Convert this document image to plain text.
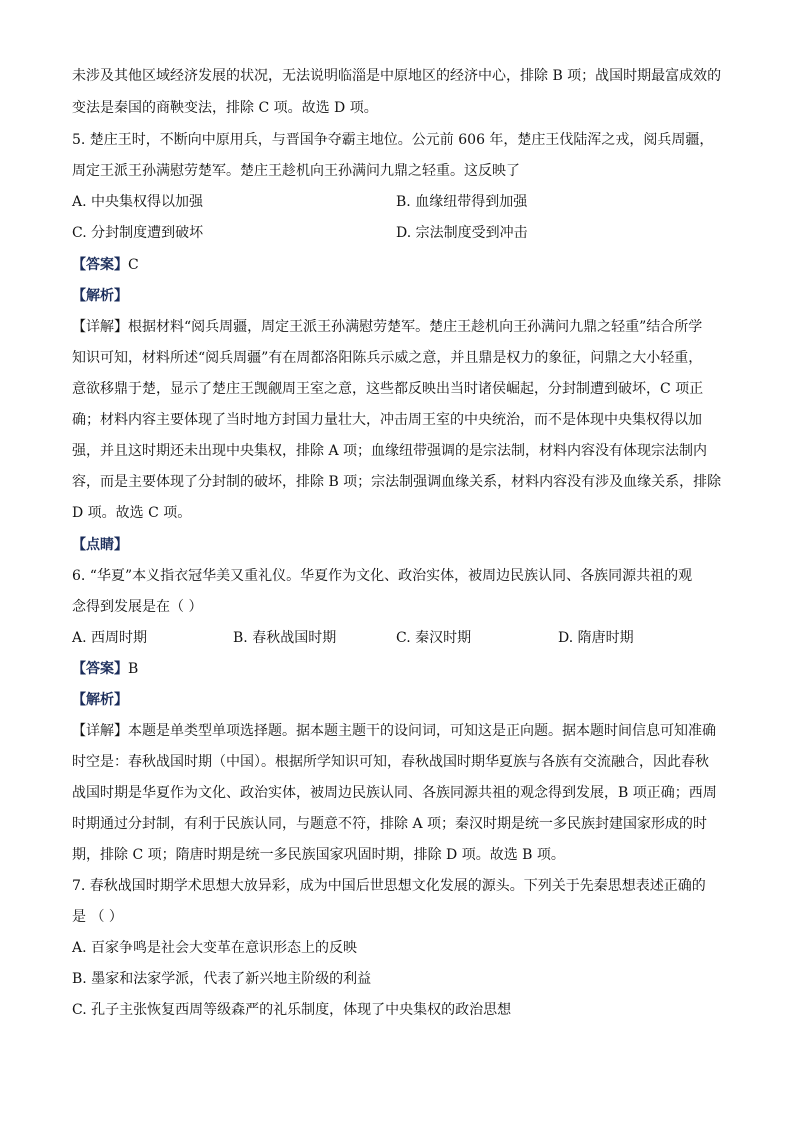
未涉及其他区域经济发展的状况，无法说明临淄是中原地区的经济中心，排除 B 项；战国时期最富成效的
变法是秦国的商鞅变法，排除 C 项。故选 D 项。
5. 楚庄王时，不断向中原用兵，与晋国争夺霸主地位。公元前 606 年，楚庄王伐陆浑之戎，阅兵周疆，
周定王派王孙满慰劳楚军。楚庄王趁机向王孙满问九鼎之轻重。这反映了
A. 中央集权得以加强	B. 血缘纽带得到加强
C. 分封制度遭到破坏	D. 宗法制度受到冲击
【答案】C
【解析】
【详解】根据材料“阅兵周疆，周定王派王孙满慰劳楚军。楚庄王趁机向王孙满问九鼎之轻重”结合所学
知识可知，材料所述“阅兵周疆”有在周都洛阳陈兵示威之意，并且鼎是权力的象征，问鼎之大小轻重，
意欲移鼎于楚，显示了楚庄王觊觎周王室之意，这些都反映出当时诸侯崛起，分封制遭到破坏，C 项正
确；材料内容主要体现了当时地方封国力量壮大，冲击周王室的中央统治，而不是体现中央集权得以加
强，并且这时期还未出现中央集权，排除 A 项；血缘纽带强调的是宗法制，材料内容没有体现宗法制内
容，而是主要体现了分封制的破坏，排除 B 项；宗法制强调血缘关系，材料内容没有涉及血缘关系，排除
D 项。故选 C 项。
【点睛】
6. “华夏”本义指衣冠华美又重礼仪。华夏作为文化、政治实体，被周边民族认同、各族同源共祖的观
念得到发展是在（ ）
A. 西周时期	B. 春秋战国时期	C. 秦汉时期	D. 隋唐时期
【答案】B
【解析】
【详解】本题是单类型单项选择题。据本题主题干的设问词，可知这是正向题。据本题时间信息可知准确
时空是：春秋战国时期（中国）。根据所学知识可知，春秋战国时期华夏族与各族有交流融合，因此春秋
战国时期是华夏作为文化、政治实体，被周边民族认同、各族同源共祖的观念得到发展，B 项正确；西周
时期通过分封制，有利于民族认同，与题意不符，排除 A 项；秦汉时期是统一多民族封建国家形成的时
期，排除 C 项；隋唐时期是统一多民族国家巩固时期，排除 D 项。故选 B 项。
7. 春秋战国时期学术思想大放异彩，成为中国后世思想文化发展的源头。下列关于先秦思想表述正确的
是 （ ）
A. 百家争鸣是社会大变革在意识形态上的反映
B. 墨家和法家学派，代表了新兴地主阶级的利益
C. 孔子主张恢复西周等级森严的礼乐制度，体现了中央集权的政治思想
